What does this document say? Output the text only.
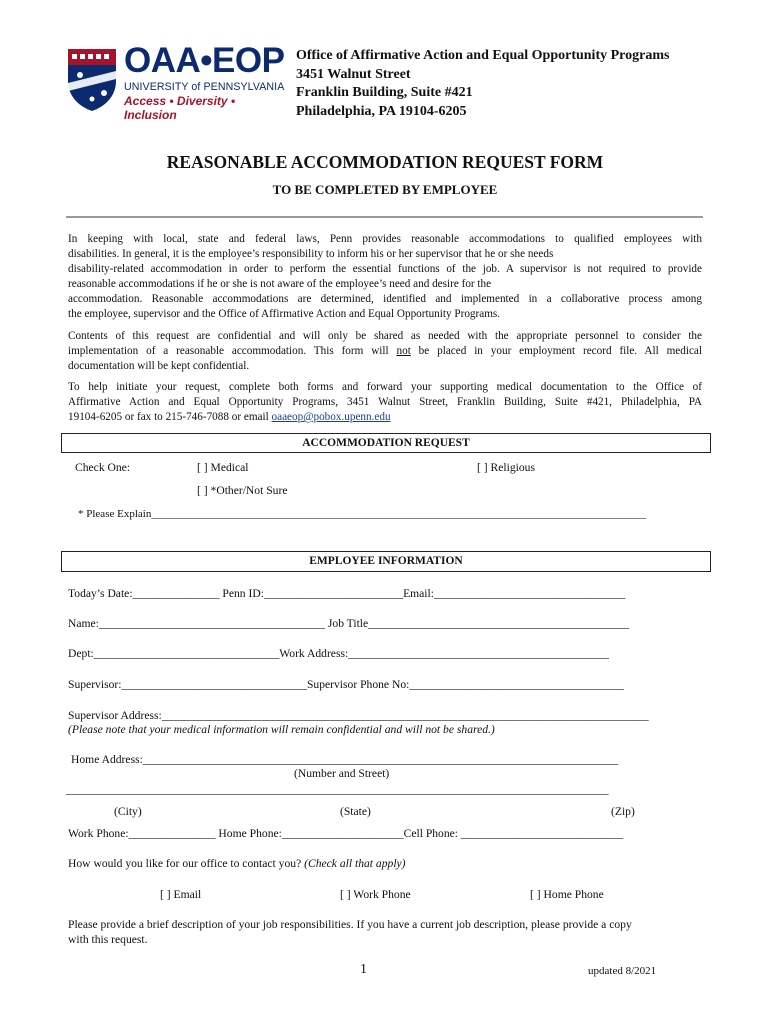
OAA•EOP
UNIVERSITY of PENNSYLVANIA
Access • Diversity • Inclusion
Office of Affirmative Action and Equal Opportunity Programs
3451 Walnut Street
Franklin Building, Suite #421
Philadelphia, PA 19104-6205
REASONABLE ACCOMMODATION REQUEST FORM
TO BE COMPLETED BY EMPLOYEE
In keeping with local, state and federal laws, Penn provides reasonable accommodations to qualified employees with
disabilities. In general, it is the employee’s responsibility to inform his or her supervisor that he or she needs
disability-related accommodation in order to perform the essential functions of the job. A supervisor is not required to provide
reasonable accommodations if he or she is not aware of the employee’s need and desire for the
accommodation. Reasonable accommodations are determined, identified and implemented in a collaborative process among
the employee, supervisor and the Office of Affirmative Action and Equal Opportunity Programs.
Contents of this request are confidential and will only be shared as needed with the appropriate personnel to consider the
implementation of a reasonable accommodation. This form will not be placed in your employment record file. All medical
documentation will be kept confidential.
To help initiate your request, complete both forms and forward your supporting medical documentation to the Office of
Affirmative Action and Equal Opportunity Programs, 3451 Walnut Street, Franklin Building, Suite #421, Philadelphia, PA
19104-6205 or fax to 215-746-7088 or email oaaeop@pobox.upenn.edu
ACCOMMODATION REQUEST
Check One:	[ ] Medical	[ ] Religious
[ ] *Other/Not Sure
* Please Explain__________________________________________________________________________________________
EMPLOYEE INFORMATION
Today’s Date:_______________ Penn ID:________________________Email:_________________________________
Name:_______________________________________ Job Title_____________________________________________
Dept:________________________________Work Address:_____________________________________________
Supervisor:________________________________Supervisor Phone No:_____________________________________
Supervisor Address:____________________________________________________________________________________
(Please note that your medical information will remain confidential and will not be shared.)
Home Address:__________________________________________________________________________________
(Number and Street)
_________________________________________________________________________________________________
(City)	(State)	(Zip)
Work Phone:_______________ Home Phone:_____________________Cell Phone: ____________________________
How would you like for our office to contact you? (Check all that apply)
[ ] Email	[ ] Work Phone	[ ] Home Phone
Please provide a brief description of your job responsibilities. If you have a current job description, please provide a copy
with this request.
1	updated 8/2021
